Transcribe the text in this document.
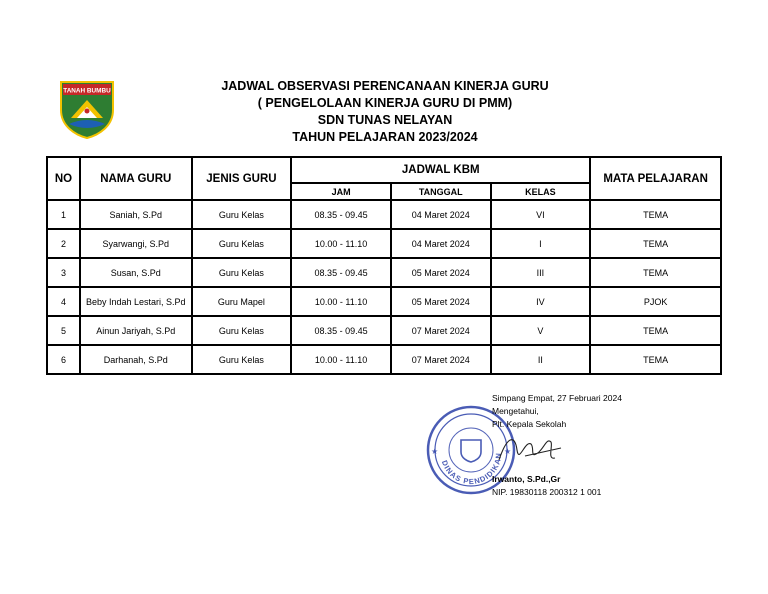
TANAH BUMBU	JADWAL OBSERVASI PERENCANAAN KINERJA GURU
( PENGELOLAAN KINERJA GURU DI PMM)
SDN TUNAS NELAYAN
TAHUN PELAJARAN 2023/2024
NO	NAMA GURU	JENIS GURU	JADWAL KBM			MATA PELAJARAN
			JAM	TANGGAL	KELAS	
1	Saniah, S.Pd	Guru Kelas	08.35 - 09.45	04 Maret 2024	VI	TEMA
2	Syarwangi, S.Pd	Guru Kelas	10.00 - 11.10	04 Maret 2024	I	TEMA
3	Susan, S.Pd	Guru Kelas	08.35 - 09.45	05 Maret 2024	III	TEMA
4	Beby Indah Lestari, S.Pd	Guru Mapel	10.00 - 11.10	05 Maret 2024	IV	PJOK
5	Ainun Jariyah, S.Pd	Guru Kelas	08.35 - 09.45	07 Maret 2024	V	TEMA
6	Darhanah, S.Pd	Guru Kelas	10.00 - 11.10	07 Maret 2024	II	TEMA
DINAS PENDIDIKAN
★	★
Simpang Empat, 27 Februari 2024
Mengetahui,
Plt. Kepala Sekolah
Irwanto, S.Pd.,Gr
NIP. 19830118 200312 1 001
